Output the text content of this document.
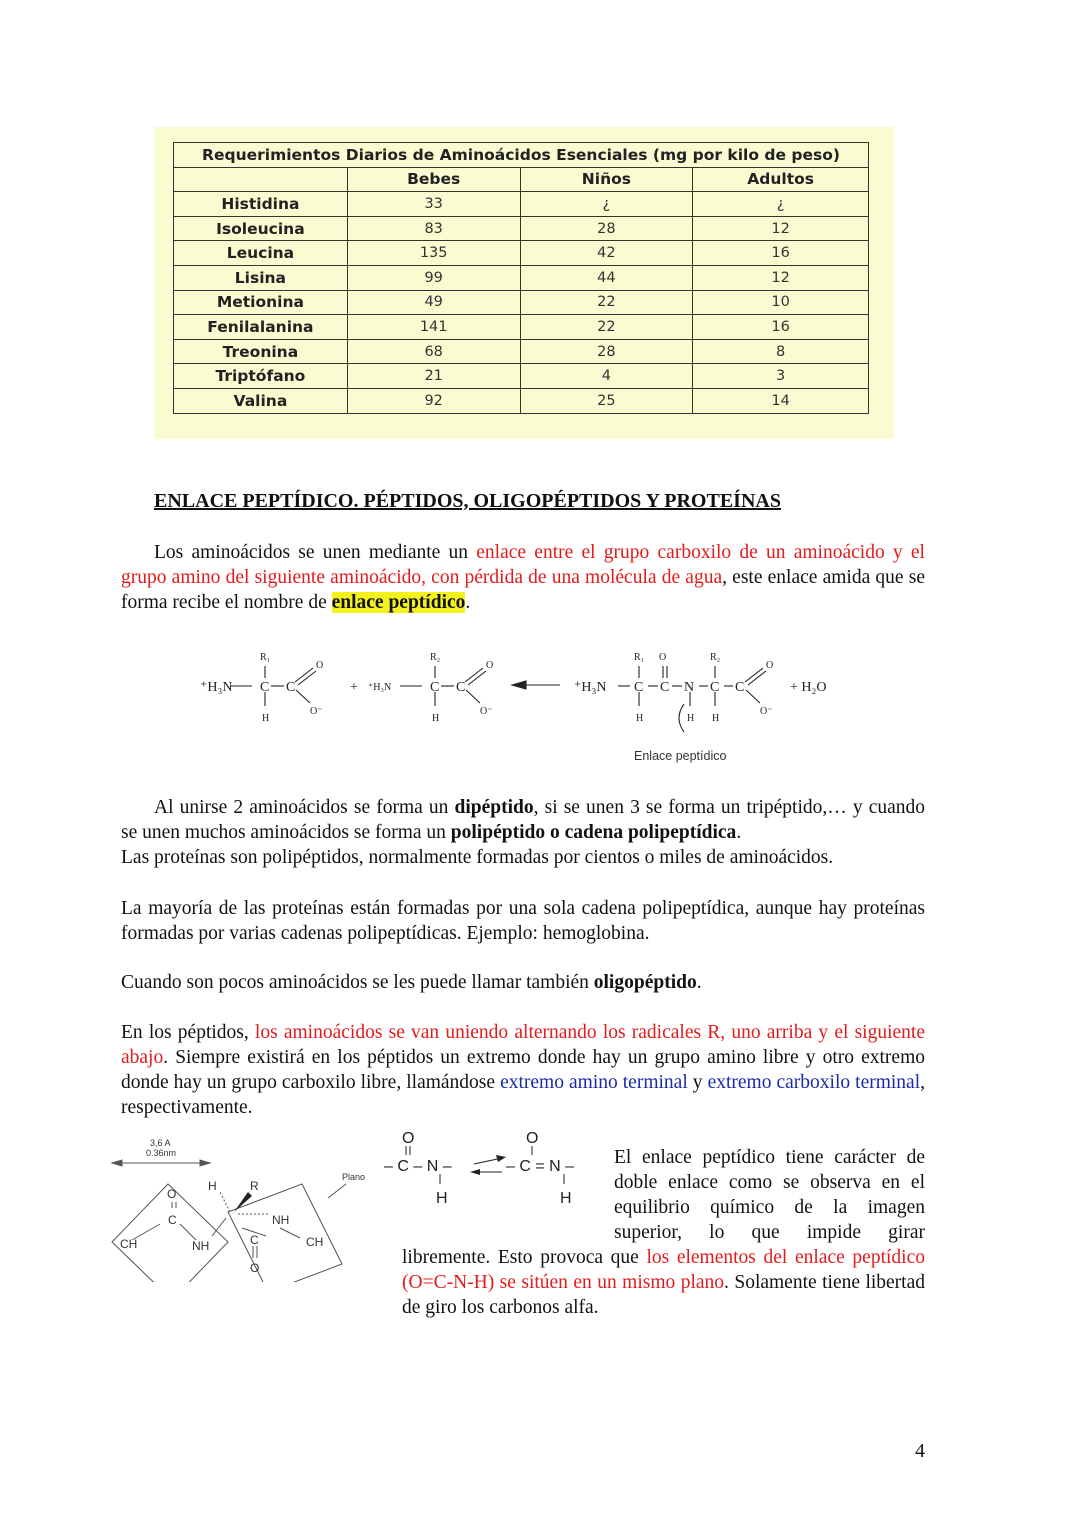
Requerimientos Diarios de Aminoácidos Esenciales (mg por kilo de peso)			
	Bebes	Niños	Adultos
Histidina	33	¿	¿
Isoleucina	83	28	12
Leucina	135	42	16
Lisina	99	44	12
Metionina	49	22	10
Fenilalanina	141	22	16
Treonina	68	28	8
Triptófano	21	4	3
Valina	92	25	14
ENLACE PEPTÍDICO. PÉPTIDOS, OLIGOPÉPTIDOS Y PROTEÍNAS

Los aminoácidos se unen mediante un enlace entre el grupo carboxilo de un aminoácido y el grupo amino del siguiente aminoácido, con pérdida de una molécula de agua, este enlace amida que se forma recibe el nombre de enlace peptídico.

⁺H₃N C C
R₁
H
O
O⁻
+ ⁺H₃N	C C
R₂
H
O
O⁻
⁺H₃N C C N C C
R₁ O	R₂
H	H H
O
O⁻
+ H₂O
Enlace peptídico

Al unirse 2 aminoácidos se forma un dipéptido, si se unen 3 se forma un tripéptido,… y cuando se unen muchos aminoácidos se forma un polipéptido o cadena polipeptídica.

Las proteínas son polipéptidos, normalmente formadas por cientos o miles de aminoácidos.

La mayoría de las proteínas están formadas por una sola cadena polipeptídica, aunque hay proteínas formadas por varias cadenas polipeptídicas. Ejemplo: hemoglobina.

Cuando son pocos aminoácidos se les puede llamar también oligopéptido.

En los péptidos, los aminoácidos se van uniendo alternando los radicales R, uno arriba y el siguiente abajo. Siempre existirá en los péptidos un extremo donde hay un grupo amino libre y otro extremo donde hay un grupo carboxilo libre, llamándose extremo amino terminal y extremo carboxilo terminal, respectivamente.

3,6 A
0.36nm
Plano
CH
O
C
NH
H	R
NH
C
O
CH
O	O
– C – N –	– C = N –
H	H

El enlace peptídico tiene carácter de doble enlace como se observa en el equilibrio químico de la imagen superior, lo que impide girar libremente. Esto provoca que los elementos del enlace peptídico (O=C-N-H) se sitúen en un mismo plano. Solamente tiene libertad de giro los carbonos alfa.

4
